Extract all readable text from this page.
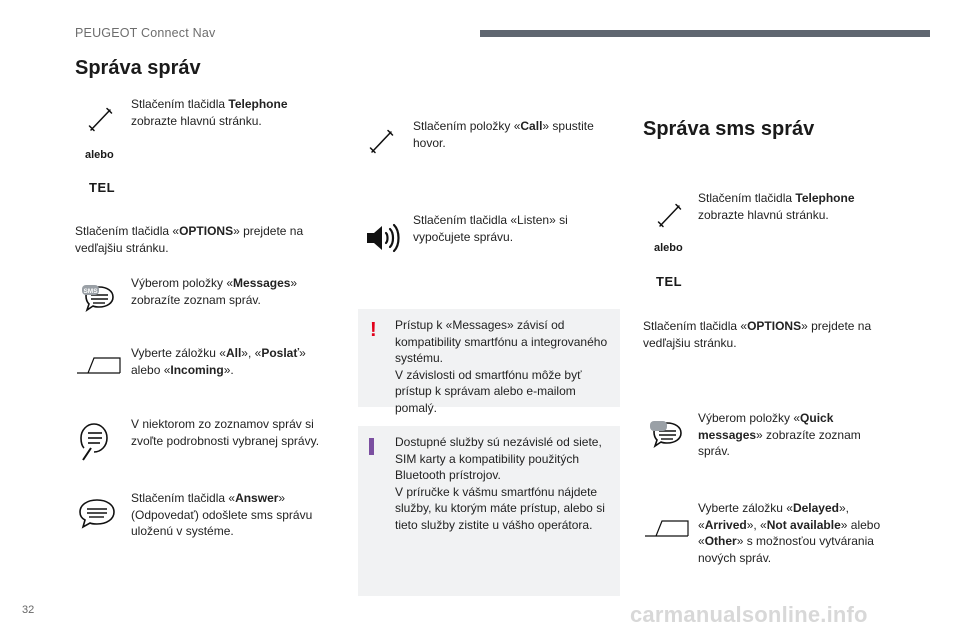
PEUGEOT Connect Nav
Správa správ
Stlačením tlačidla Telephone zobrazte hlavnú stránku.
alebo
TEL
Stlačením tlačidla «OPTIONS» prejdete na vedľajšiu stránku.
SMS
Výberom položky «Messages» zobrazíte zoznam správ.
Vyberte záložku «All», «Poslať» alebo «Incoming».
V niektorom zo zoznamov správ si zvoľte podrobnosti vybranej správy.
Stlačením tlačidla «Answer» (Odpovedať) odošlete sms správu uloženú v systéme.
Stlačením položky «Call» spustite hovor.
Stlačením tlačidla «Listen» si vypočujete správu.
! Prístup k «Messages» závisí od kompatibility smartfónu a integrovaného systému.
V závislosti od smartfónu môže byť prístup k správam alebo e-mailom pomalý.
Dostupné služby sú nezávislé od siete, SIM karty a kompatibility použitých Bluetooth prístrojov.
V príručke k vášmu smartfónu nájdete služby, ku ktorým máte prístup, alebo si tieto služby zistite u vášho operátora.
Správa sms správ
Stlačením tlačidla Telephone zobrazte hlavnú stránku.
alebo
TEL
Stlačením tlačidla «OPTIONS» prejdete na vedľajšiu stránku.
Výberom položky «Quick messages» zobrazíte zoznam správ.
Vyberte záložku «Delayed», «Arrived», «Not available» alebo «Other» s možnosťou vytvárania nových správ.
32	carmanualsonline.info
